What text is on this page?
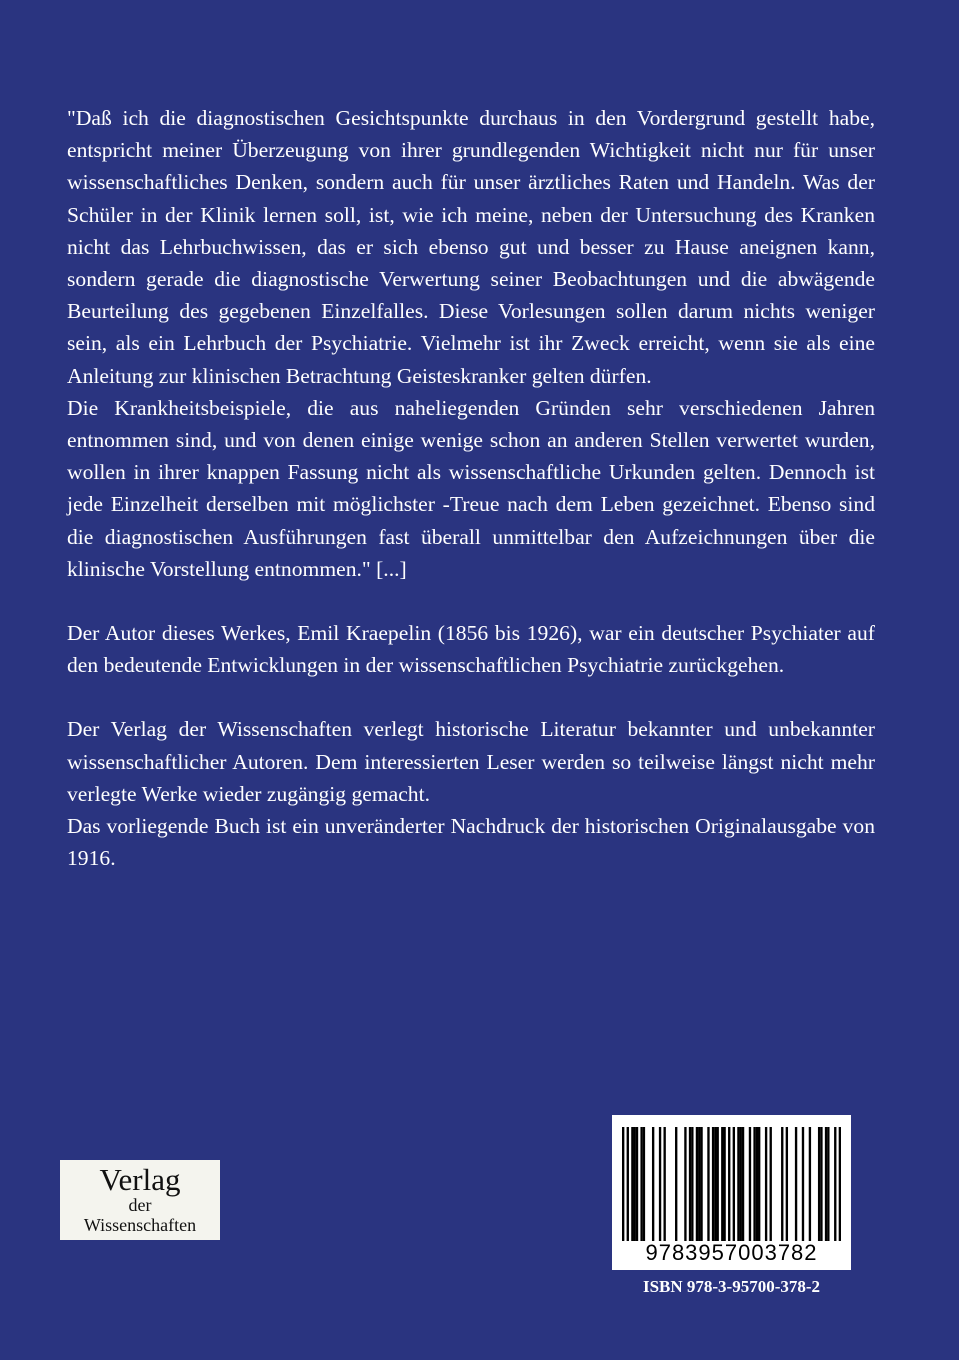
"Daß ich die diagnostischen Gesichtspunkte durchaus in den Vordergrund gestellt habe, entspricht meiner Überzeugung von ihrer grundlegenden Wichtigkeit nicht nur für unser wissenschaftliches Denken, sondern auch für unser ärztliches Raten und Handeln. Was der Schüler in der Klinik lernen soll, ist, wie ich meine, neben der Untersuchung des Kranken nicht das Lehrbuchwissen, das er sich ebenso gut und besser zu Hause aneignen kann, sondern gerade die diagnostische Verwertung seiner Beobachtungen und die abwägende Beurteilung des gegebenen Einzelfalles. Diese Vorlesungen sollen darum nichts weniger sein, als ein Lehrbuch der Psychiatrie. Vielmehr ist ihr Zweck erreicht, wenn sie als eine Anleitung zur klinischen Betrachtung Geisteskranker gelten dürfen.

Die Krankheitsbeispiele, die aus naheliegenden Gründen sehr verschiedenen Jahren entnommen sind, und von denen einige wenige schon an anderen Stellen verwertet wurden, wollen in ihrer knappen Fassung nicht als wissenschaftliche Urkunden gelten. Dennoch ist jede Einzelheit derselben mit möglichster -Treue nach dem Leben gezeichnet. Ebenso sind die diagnostischen Ausführungen fast überall unmittelbar den Aufzeichnungen über die klinische Vorstellung entnommen." [...]

Der Autor dieses Werkes, Emil Kraepelin (1856 bis 1926), war ein deutscher Psychiater auf den bedeutende Entwicklungen in der wissenschaftlichen Psychiatrie zurückgehen.

Der Verlag der Wissenschaften verlegt historische Literatur bekannter und unbekannter wissenschaftlicher Autoren. Dem interessierten Leser werden so teilweise längst nicht mehr verlegte Werke wieder zugängig gemacht.

Das vorliegende Buch ist ein unveränderter Nachdruck der historischen Originalausgabe von 1916.

Verlag
der
Wissenschaften
9783957003782
ISBN 978-3-95700-378-2
